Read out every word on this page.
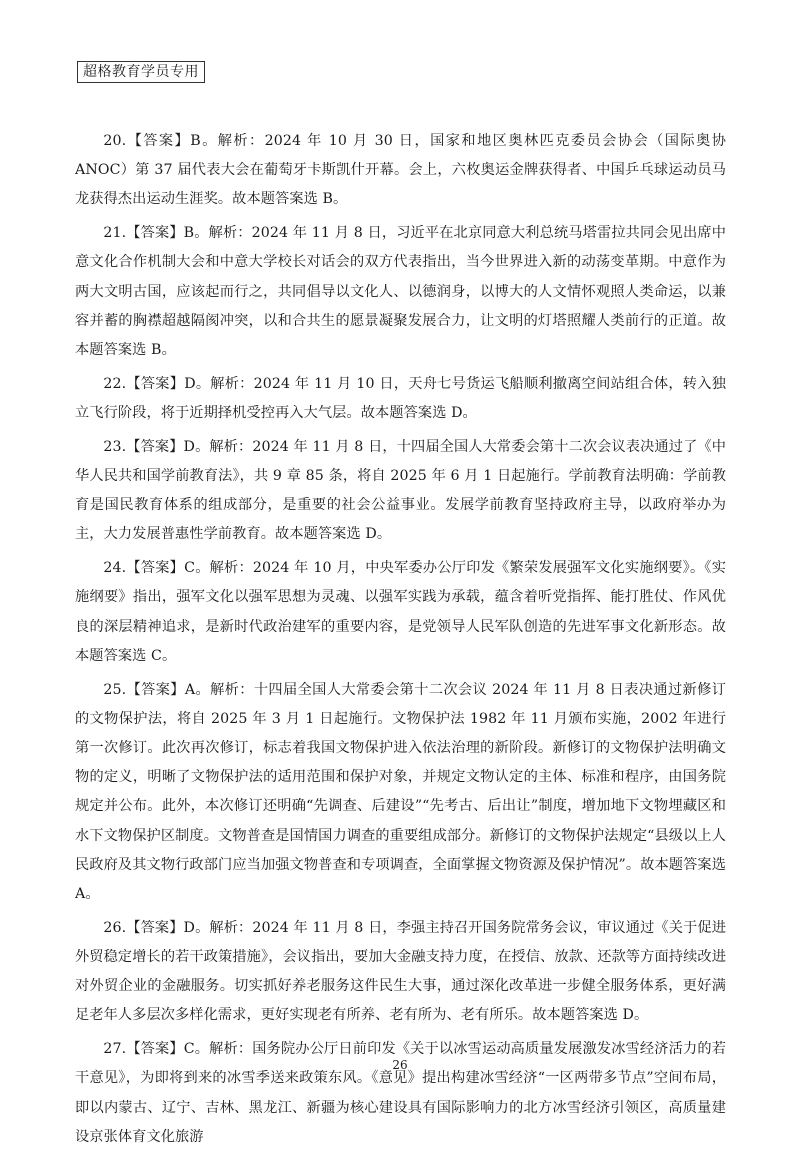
超格教育学员专用

20.【答案】B。解析：2024 年 10 月 30 日，国家和地区奥林匹克委员会协会（国际奥协 ANOC）第 37 届代表大会在葡萄牙卡斯凯什开幕。会上，六枚奥运金牌获得者、中国乒乓球运动员马龙获得杰出运动生涯奖。故本题答案选 B。

21.【答案】B。解析：2024 年 11 月 8 日，习近平在北京同意大利总统马塔雷拉共同会见出席中意文化合作机制大会和中意大学校长对话会的双方代表指出，当今世界进入新的动荡变革期。中意作为两大文明古国，应该起而行之，共同倡导以文化人、以德润身，以博大的人文情怀观照人类命运，以兼容并蓄的胸襟超越隔阂冲突，以和合共生的愿景凝聚发展合力，让文明的灯塔照耀人类前行的正道。故本题答案选 B。

22.【答案】D。解析：2024 年 11 月 10 日，天舟七号货运飞船顺利撤离空间站组合体，转入独立飞行阶段，将于近期择机受控再入大气层。故本题答案选 D。

23.【答案】D。解析：2024 年 11 月 8 日，十四届全国人大常委会第十二次会议表决通过了《中华人民共和国学前教育法》，共 9 章 85 条，将自 2025 年 6 月 1 日起施行。学前教育法明确：学前教育是国民教育体系的组成部分，是重要的社会公益事业。发展学前教育坚持政府主导，以政府举办为主，大力发展普惠性学前教育。故本题答案选 D。

24.【答案】C。解析：2024 年 10 月，中央军委办公厅印发《繁荣发展强军文化实施纲要》。《实施纲要》指出，强军文化以强军思想为灵魂、以强军实践为承载，蕴含着听党指挥、能打胜仗、作风优良的深层精神追求，是新时代政治建军的重要内容，是党领导人民军队创造的先进军事文化新形态。故本题答案选 C。

25.【答案】A。解析：十四届全国人大常委会第十二次会议 2024 年 11 月 8 日表决通过新修订的文物保护法，将自 2025 年 3 月 1 日起施行。文物保护法 1982 年 11 月颁布实施，2002 年进行第一次修订。此次再次修订，标志着我国文物保护进入依法治理的新阶段。新修订的文物保护法明确文物的定义，明晰了文物保护法的适用范围和保护对象，并规定文物认定的主体、标准和程序，由国务院规定并公布。此外，本次修订还明确“先调查、后建设”“先考古、后出让”制度，增加地下文物埋藏区和水下文物保护区制度。文物普查是国情国力调查的重要组成部分。新修订的文物保护法规定“县级以上人民政府及其文物行政部门应当加强文物普查和专项调查，全面掌握文物资源及保护情况”。故本题答案选 A。

26.【答案】D。解析：2024 年 11 月 8 日，李强主持召开国务院常务会议，审议通过《关于促进外贸稳定增长的若干政策措施》，会议指出，要加大金融支持力度，在授信、放款、还款等方面持续改进对外贸企业的金融服务。切实抓好养老服务这件民生大事，通过深化改革进一步健全服务体系，更好满足老年人多层次多样化需求，更好实现老有所养、老有所为、老有所乐。故本题答案选 D。

27.【答案】C。解析：国务院办公厅日前印发《关于以冰雪运动高质量发展激发冰雪经济活力的若干意见》，为即将到来的冰雪季送来政策东风。《意见》提出构建冰雪经济“一区两带多节点”空间布局，即以内蒙古、辽宁、吉林、黑龙江、新疆为核心建设具有国际影响力的北方冰雪经济引领区，高质量建设京张体育文化旅游

26
